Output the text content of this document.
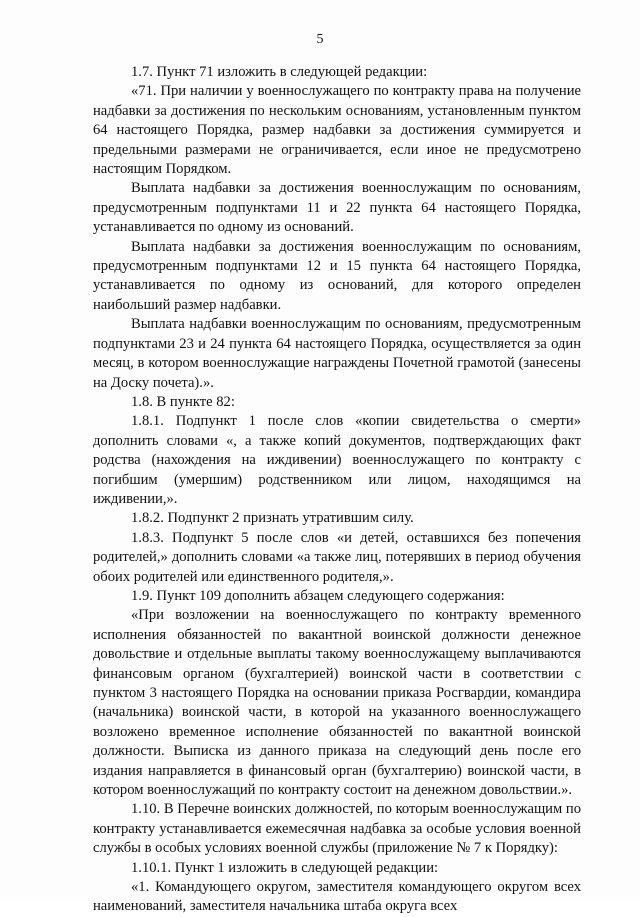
5

1.7. Пункт 71 изложить в следующей редакции:

«71. При наличии у военнослужащего по контракту права на получение надбавки за достижения по нескольким основаниям, установленным пунктом 64 настоящего Порядка, размер надбавки за достижения суммируется и предельными размерами не ограничивается, если иное не предусмотрено настоящим Порядком.

Выплата надбавки за достижения военнослужащим по основаниям, предусмотренным подпунктами 11 и 22 пункта 64 настоящего Порядка, устанавливается по одному из оснований.

Выплата надбавки за достижения военнослужащим по основаниям, предусмотренным подпунктами 12 и 15 пункта 64 настоящего Порядка, устанавливается по одному из оснований, для которого определен наибольший размер надбавки.

Выплата надбавки военнослужащим по основаниям, предусмотренным подпунктами 23 и 24 пункта 64 настоящего Порядка, осуществляется за один месяц, в котором военнослужащие награждены Почетной грамотой (занесены на Доску почета).».

1.8. В пункте 82:

1.8.1. Подпункт 1 после слов «копии свидетельства о смерти» дополнить словами «, а также копий документов, подтверждающих факт родства (нахождения на иждивении) военнослужащего по контракту с погибшим (умершим) родственником или лицом, находящимся на иждивении,».

1.8.2. Подпункт 2 признать утратившим силу.

1.8.3. Подпункт 5 после слов «и детей, оставшихся без попечения родителей,» дополнить словами «а также лиц, потерявших в период обучения обоих родителей или единственного родителя,».

1.9. Пункт 109 дополнить абзацем следующего содержания:

«При возложении на военнослужащего по контракту временного исполнения обязанностей по вакантной воинской должности денежное довольствие и отдельные выплаты такому военнослужащему выплачиваются финансовым органом (бухгалтерией) воинской части в соответствии с пунктом 3 настоящего Порядка на основании приказа Росгвардии, командира (начальника) воинской части, в которой на указанного военнослужащего возложено временное исполнение обязанностей по вакантной воинской должности. Выписка из данного приказа на следующий день после его издания направляется в финансовый орган (бухгалтерию) воинской части, в котором военнослужащий по контракту состоит на денежном довольствии.».

1.10. В Перечне воинских должностей, по которым военнослужащим по контракту устанавливается ежемесячная надбавка за особые условия военной службы в особых условиях военной службы (приложение № 7 к Порядку):

1.10.1. Пункт 1 изложить в следующей редакции:

«1. Командующего округом, заместителя командующего округом всех наименований, заместителя начальника штаба округа всех
